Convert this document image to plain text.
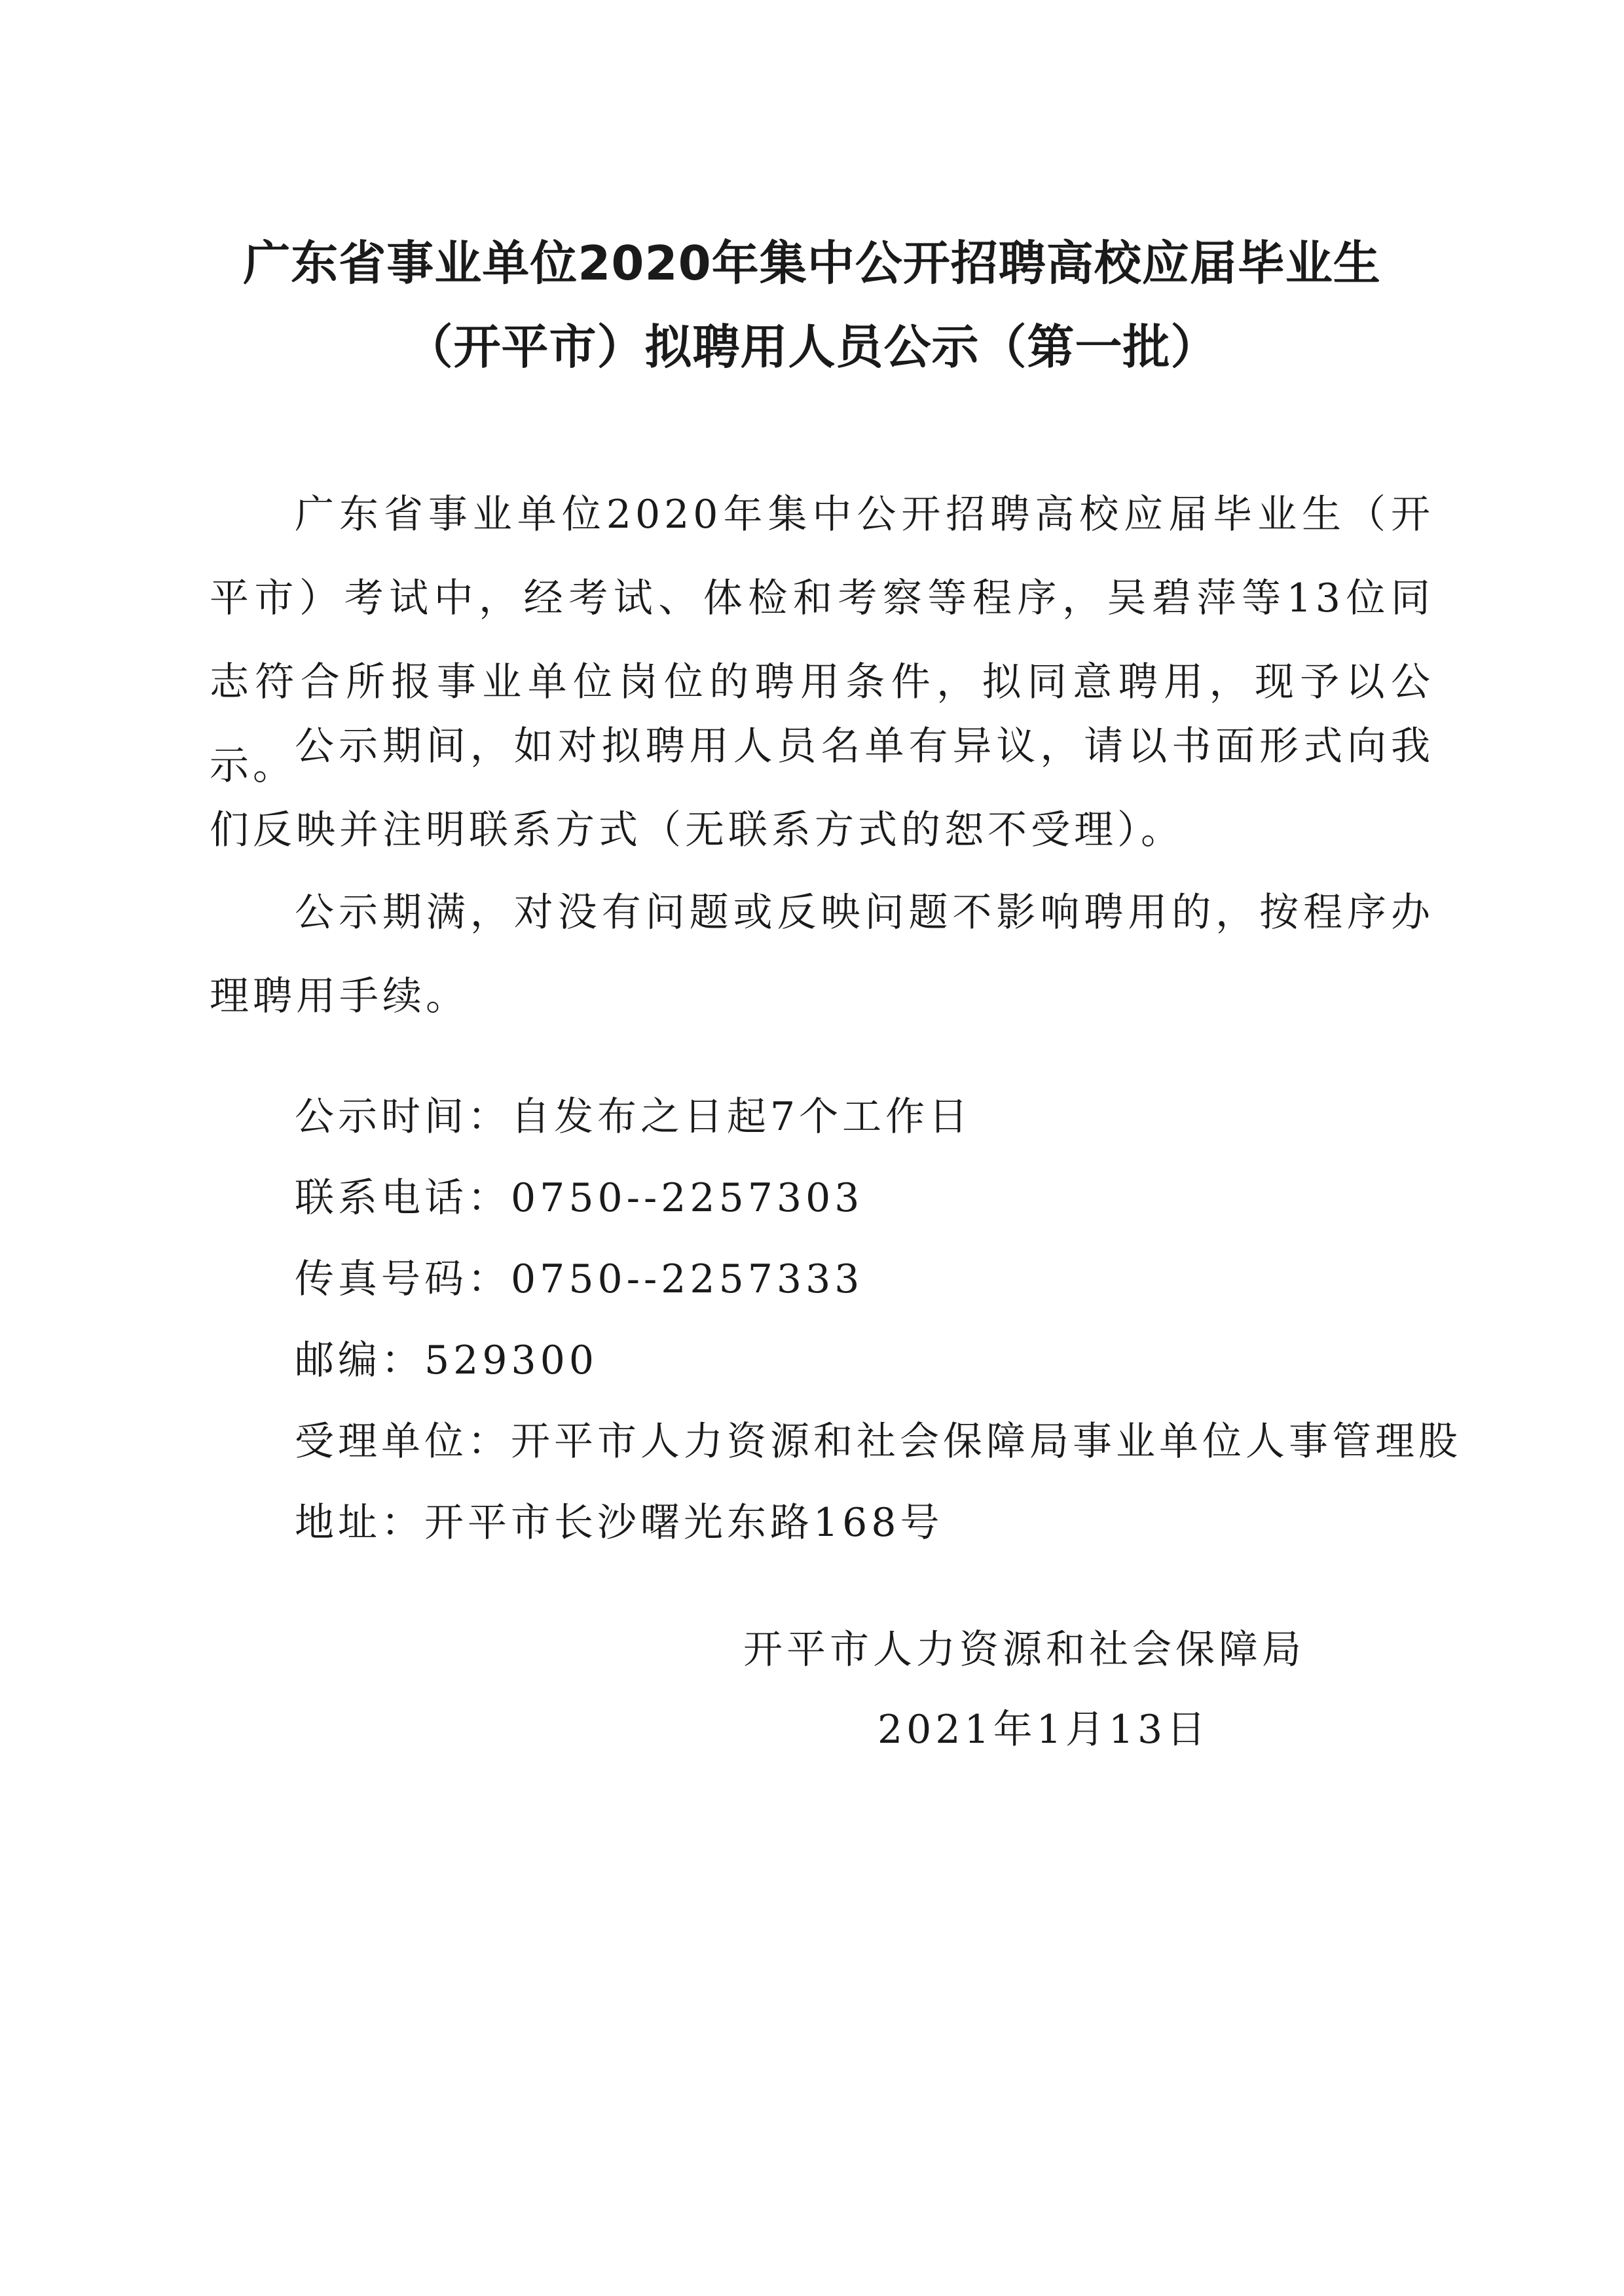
广东省事业单位2020年集中公开招聘高校应届毕业生
（开平市）拟聘用人员公示（第一批）

广东省事业单位2020年集中公开招聘高校应届毕业生（开平市）考试中，经考试、体检和考察等程序，吴碧萍等13位同志符合所报事业单位岗位的聘用条件，拟同意聘用，现予以公示。

公示期间，如对拟聘用人员名单有异议，请以书面形式向我们反映并注明联系方式（无联系方式的恕不受理）。

公示期满，对没有问题或反映问题不影响聘用的，按程序办理聘用手续。

公示时间：自发布之日起7个工作日
联系电话：0750--2257303
传真号码：0750--2257333
邮编：529300
受理单位：开平市人力资源和社会保障局事业单位人事管理股
地址：开平市长沙曙光东路168号
开平市人力资源和社会保障局
2021年1月13日
